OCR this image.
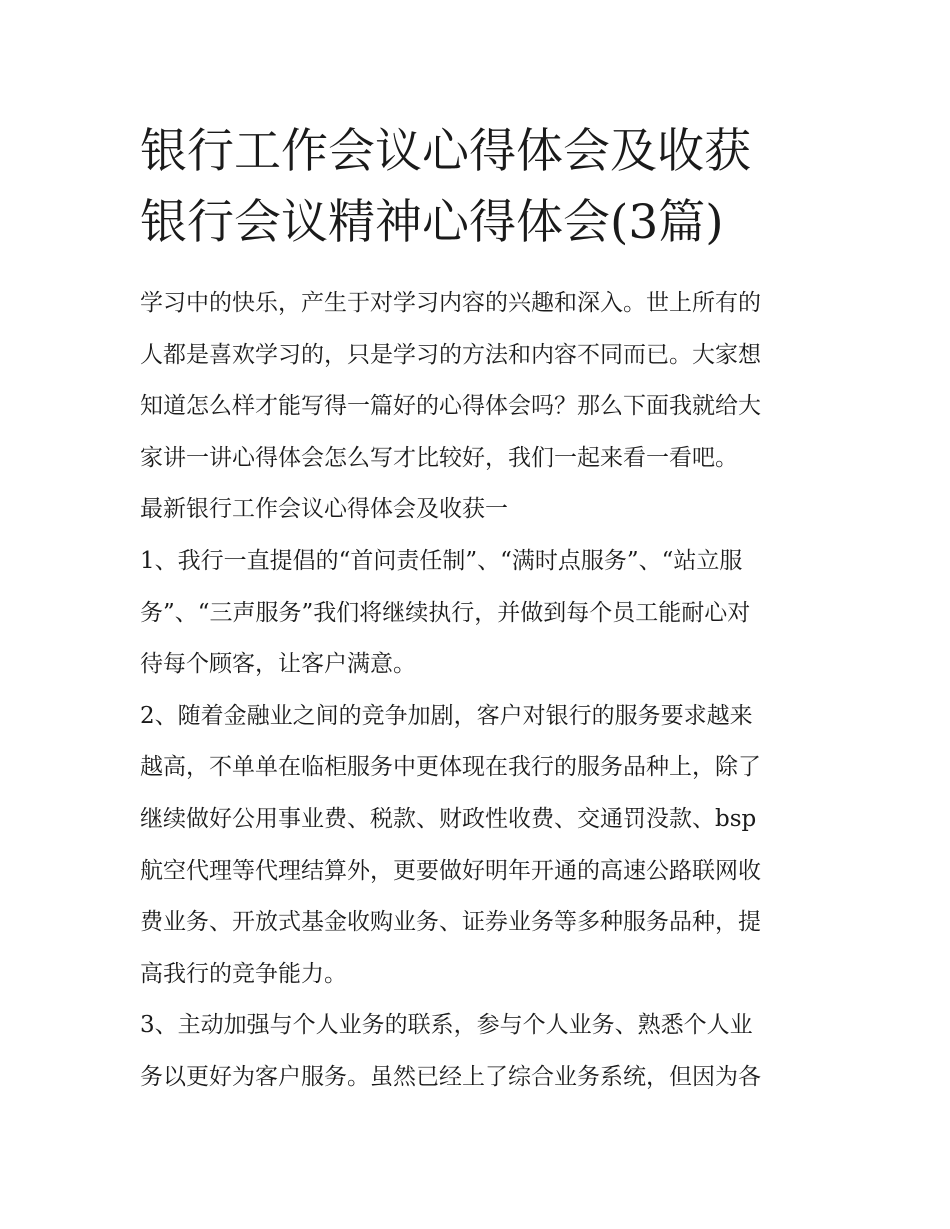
银行工作会议心得体会及收获
银行会议精神心得体会(3篇)
学习中的快乐，产生于对学习内容的兴趣和深入。世上所有的
人都是喜欢学习的，只是学习的方法和内容不同而已。大家想
知道怎么样才能写得一篇好的心得体会吗？那么下面我就给大
家讲一讲心得体会怎么写才比较好，我们一起来看一看吧。
最新银行工作会议心得体会及收获一
1、我行一直提倡的“首问责任制”、“满时点服务”、“站立服
务”、“三声服务”我们将继续执行，并做到每个员工能耐心对
待每个顾客，让客户满意。
2、随着金融业之间的竞争加剧，客户对银行的服务要求越来
越高，不单单在临柜服务中更体现在我行的服务品种上，除了
继续做好公用事业费、税款、财政性收费、交通罚没款、bsp
航空代理等代理结算外，更要做好明年开通的高速公路联网收
费业务、开放式基金收购业务、证券业务等多种服务品种，提
高我行的竞争能力。
3、主动加强与个人业务的联系，参与个人业务、熟悉个人业
务以更好为客户服务。虽然已经上了综合业务系统，但因为各
